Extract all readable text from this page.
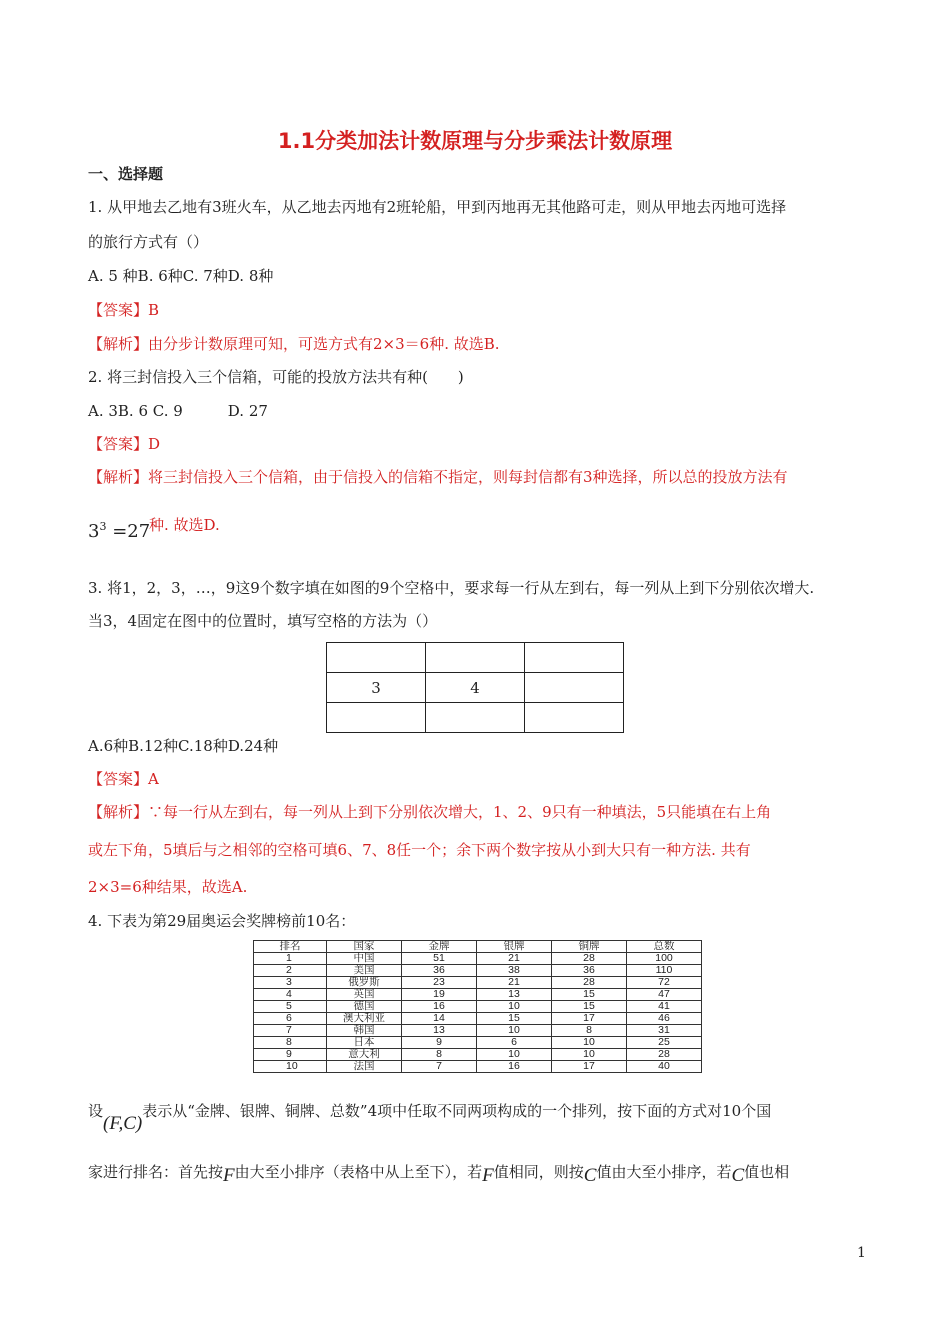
1.1分类加法计数原理与分步乘法计数原理
一、选择题
1. 从甲地去乙地有3班火车，从乙地去丙地有2班轮船，甲到丙地再无其他路可走，则从甲地去丙地可选择
的旅行方式有（）
A. 5 种B. 6种C. 7种D. 8种
【答案】B
【解析】由分步计数原理可知，可选方式有2×3＝6种. 故选B.
2. 将三封信投入三个信箱，可能的投放方法共有种(　　)
A. 3B. 6 C. 9　　　D. 27
【答案】D
【解析】将三封信投入三个信箱，由于信投入的信箱不指定，则每封信都有3种选择，所以总的投放方法有
$3^3 =27$
种. 故选D.
3. 将1，2，3，…，9这9个数字填在如图的9个空格中，要求每一行从左到右，每一列从上到下分别依次增大.
当3，4固定在图中的位置时，填写空格的方法为（）

3	4	

A.6种B.12种C.18种D.24种
【答案】A
【解析】∵每一行从左到右，每一列从上到下分别依次增大，1、2、9只有一种填法，5只能填在右上角
或左下角，5填后与之相邻的空格可填6、7、8任一个；余下两个数字按从小到大只有一种方法. 共有
2×3=6种结果，故选A.
4. 下表为第29届奥运会奖牌榜前10名：
排名	国家	金牌	银牌	铜牌	总数
1	中国	51	21	28	100
2	美国	36	38	36	110
3	俄罗斯	23	21	28	72
4	英国	19	13	15	47
5	德国	16	10	15	41
6	澳大利亚	14	15	17	46
7	韩国	13	10	8	31
8	日本	9	6	10	25
9	意大利	8	10	10	28
10	法国	7	16	17	40
设(F,C)表示从“金牌、银牌、铜牌、总数”4项中任取不同两项构成的一个排列，按下面的方式对10个国
家进行排名：首先按F由大至小排序（表格中从上至下），若F值相同，则按C值由大至小排序，若C值也相
1
